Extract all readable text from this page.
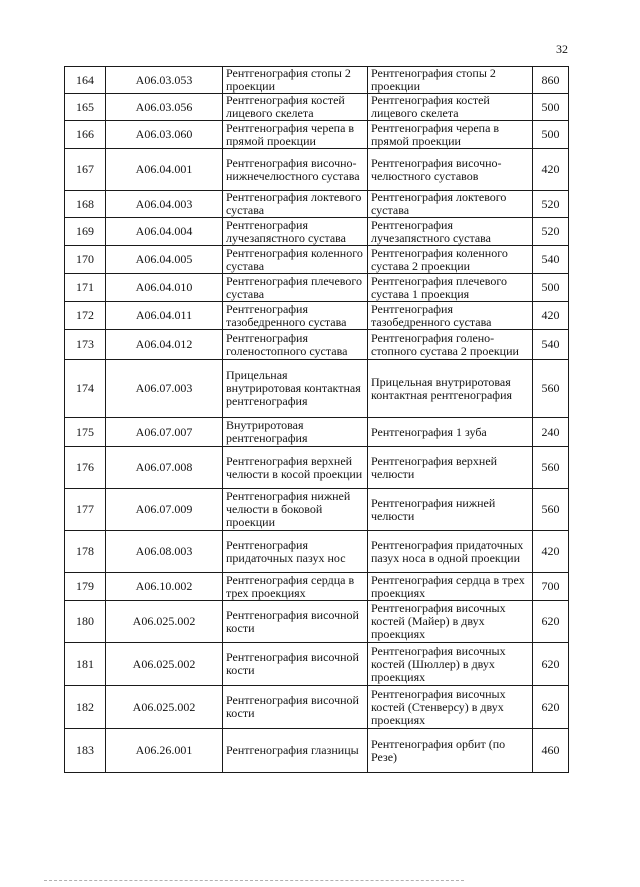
32
164	A06.03.053	Рентгенография стопы 2 проекции	Рентгенография стопы 2 проекции	860
165	A06.03.056	Рентгенография костей лицевого скелета	Рентгенография костей лицевого скелета	500
166	A06.03.060	Рентгенография черепа в прямой проекции	Рентгенография черепа в прямой проекции	500
167	A06.04.001	Рентгенография височно-нижнечелюстного сустава	Рентгенография височно-челюстного суставов	420
168	A06.04.003	Рентгенография локтевого сустава	Рентгенография локтевого сустава	520
169	A06.04.004	Рентгенография лучезапястного сустава	Рентгенография лучезапястного сустава	520
170	A06.04.005	Рентгенография коленного сустава	Рентгенография коленного сустава 2 проекции	540
171	A06.04.010	Рентгенография плечевого сустава	Рентгенография плечевого сустава 1 проекция	500
172	A06.04.011	Рентгенография тазобедренного сустава	Рентгенография тазобедренного сустава	420
173	A06.04.012	Рентгенография голеностопного сустава	Рентгенография голено-стопного сустава 2 проекции	540
174	A06.07.003	Прицельная внутриротовая контактная рентгенография	Прицельная внутриротовая контактная рентгенография	560
175	A06.07.007	Внутриротовая рентгенография	Рентгенография 1 зуба	240
176	A06.07.008	Рентгенография верхней челюсти в косой проекции	Рентгенография верхней челюсти	560
177	A06.07.009	Рентгенография нижней челюсти в боковой проекции	Рентгенография нижней челюсти	560
178	A06.08.003	Рентгенография придаточных пазух нос	Рентгенография придаточных пазух носа в одной проекции	420
179	A06.10.002	Рентгенография сердца в трех проекциях	Рентгенография сердца в трех проекциях	700
180	A06.025.002	Рентгенография височной кости	Рентгенография височных костей (Майер) в двух проекциях	620
181	A06.025.002	Рентгенография височной кости	Рентгенография височных костей (Шюллер) в двух проекциях	620
182	A06.025.002	Рентгенография височной кости	Рентгенография височных костей (Стенверсу) в двух проекциях	620
183	A06.26.001	Рентгенография глазницы	Рентгенография орбит (по Резе)	460
